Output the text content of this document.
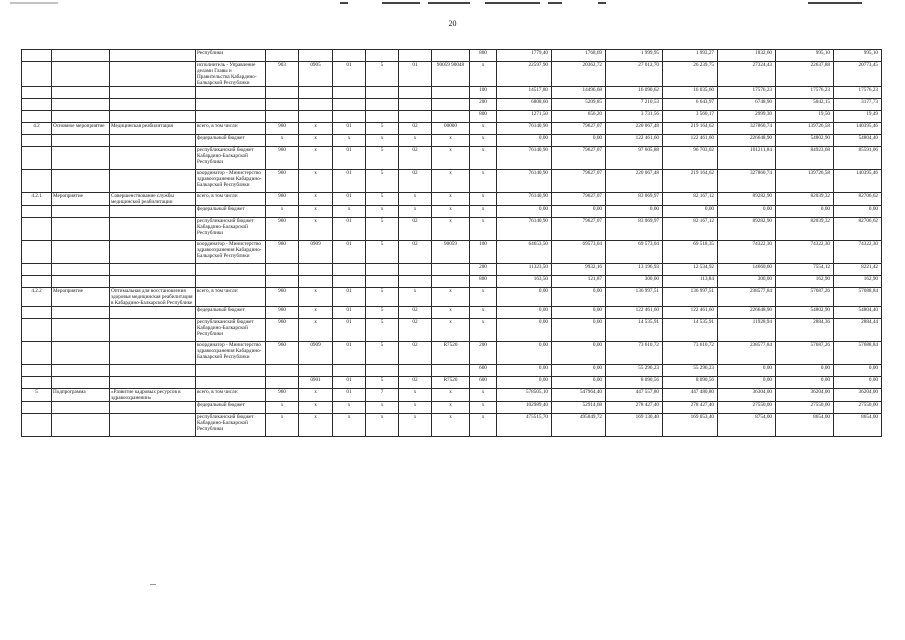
20
			Республики							800	1779,40	1768,69	1 999,95	1 993,27	1832,60	995,10	995,10
			исполнитель - Управление делами Главы и Правительства Кабардино-Балкарской Республики	903	0905	01	5	01	90059 90048	x	22597,90	20362,72	27 012,70	26 239,75	27324,43	22637,88	20773,45
										100	14517,80	14496,68	16 090,62	16 035,60	17576,23	17576,23	17576,23
										200	6808,60	5209,85	7 210,53	6 643,97	6748,90	5042,15	3177,73
										800	1271,50	656,20	3 731,56	3 560,17	2999,30	19,50	19,49
4.2	Основное мероприятие	Медицинская реабилитация	всего, в том числе:	960	x	01	5	02	00000	x	76140,90	79627,07	220 067,48	219 164,62	327860,74	139726,58	140395,46
			федеральный бюджет	x	x	x	x	x	x	x	0,00	0,00	122 461,60	122 461,60	226648,90	54802,90	54804,40
			республиканский бюджет Кабардино-Балкарской Республики	960	x	01	5	02	x	x	76140,90	79627,07	97 605,88	96 703,02	101211,84	84923,68	85591,06
			координатор - Министерство здравоохранения Кабардино-Балкарской Республики	960	x	01	5	02	x	x	76140,90	79627,07	220 067,48	219 164,62	327860,74	139726,58	140395,46
4.2.1	Мероприятие	Совершенствование службы медицинской реабилитации	всего, в том числе:	960	x	01	5	x	x	x	76140,90	79627,07	83 069,97	82 167,12	89282,90	82039,32	82706,62
			федеральный бюджет	x	x	x	x	x	x	x	0,00	0,00	0,00	0,00	0,00	0,00	0,00
			республиканский бюджет Кабардино-Балкарской Республики	960	x	01	5	02	x	x	76140,90	79627,07	83 069,97	82 167,12	89282,90	82039,32	82706,62
			координатор - Министерство здравоохранения Кабардино-Балкарской Республики	960	0909	01	5	02	90059	100	64653,50	69573,04	69 573,04	69 518,35	74322,30	74322,30	74322,30
										200	11323,50	9932,16	13 196,93	12 534,92	14660,60	7554,12	8221,42
										800	163,50	121,87	300,00	113,84	300,00	162,90	162,90
4.2.2	Мероприятие	Оптимальная для восстановления здоровья медицинская реабилитация в Кабардино-Балкарской Республике	всего, в том числе:	960	x	01	5	x	x	x	0,00	0,00	136 997,51	136 997,51	238577,84	57687,26	57688,84
			федеральный бюджет	960	x	01	5	02	x	x	0,00	0,00	122 461,60	122 461,60	226648,90	54802,90	54804,40
			республиканский бюджет Кабардино-Балкарской Республики	960	x	01	5	02	x	x	0,00	0,00	14 535,91	14 535,91	11928,94	2884,36	2884,44
			координатор - Министерство здравоохранения Кабардино-Балкарской Республики	960	0909	01	5	02	R7520	200	0,00	0,00	73 610,72	73 610,72	238577,84	57687,26	57688,84
										600	0,00	0,00	55 296,23	55 296,23	0,00	0,00	0,00
					0901	01	5	02	R7520	600	0,00	0,00	8 090,56	8 090,56	0,00	0,00	0,00
5	Подпрограмма	«Развитие кадровых ресурсов в здравоохранении»	всего, в том числе:	960	x	01	7	x	x	x	578505,10	547964,40	447 557,80	447 480,80	36304,00	36204,00	36204,00
			федеральный бюджет	x	x	x	x	x	x	x	102989,40	52914,68	278 427,40	278 427,40	27550,00	27550,00	27550,00
			республиканский бюджет Кабардино-Балкарской Республики	x	x	x	x	x	x	x	475515,70	495049,72	169 130,40	169 053,40	8754,00	8654,00	8654,00
